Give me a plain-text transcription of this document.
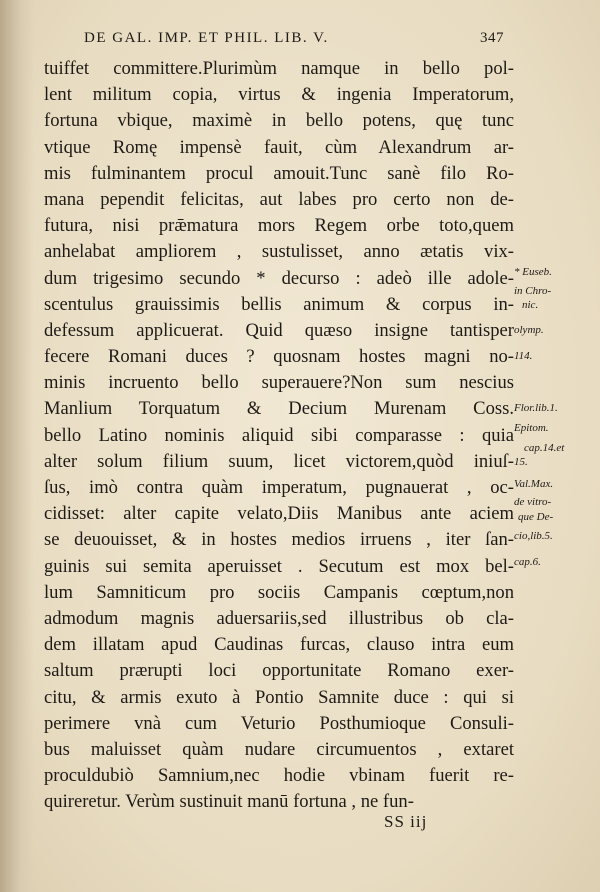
DE GAL. IMP. ET PHIL. LIB. V.	347
tuiffet committere.Plurimùm namque in bello pol-
lent militum copia, virtus & ingenia Imperatorum,
fortuna vbique, maximè in bello potens, quę tunc
vtique Romę impensè fauit, cùm Alexandrum ar-
mis fulminantem procul amouit.Tunc sanè filo Ro-
mana pependit felicitas, aut labes pro certo non de-
futura, nisi prǣmatura mors Regem orbe toto,quem
anhelabat ampliorem , sustulisset, anno ætatis vix-
dum trigesimo secundo * decurso : adeò ille adole-
scentulus grauissimis bellis animum & corpus in-
defessum applicuerat. Quid quæso insigne tantisper
fecere Romani duces ? quosnam hostes magni no-
minis incruento bello superauere?Non sum nescius
Manlium Torquatum & Decium Murenam Coss.
bello Latino nominis aliquid sibi comparasse : quia
alter solum filium suum, licet victorem,quòd iniuſ-
ſus, imò contra quàm imperatum, pugnauerat , oc-
cidisset: alter capite velato,Diis Manibus ante aciem
se deuouisset, & in hostes medios irruens , iter ſan-
guinis sui semita aperuisset . Secutum est mox bel-
lum Samniticum pro sociis Campanis cœptum,non
admodum magnis aduersariis,sed illustribus ob cla-
dem illatam apud Caudinas furcas, clauso intra eum
saltum prærupti loci opportunitate Romano exer-
citu, & armis exuto à Pontio Samnite duce : qui si
perimere vnà cum Veturio Posthumioque Consuli-
bus maluisset quàm nudare circumuentos , extaret
proculdubiò Samnium,nec hodie vbinam fuerit re-
quireretur. Verùm sustinuit manū fortuna , ne fun-
* Euseb.
in Chro-
nic.
olymp.
114.
Flor.lib.1.
Epitom.
cap.14.et
15.
Val.Max.
de vitro-
que De-
cio,lib.5.
cap.6.
SS iij
